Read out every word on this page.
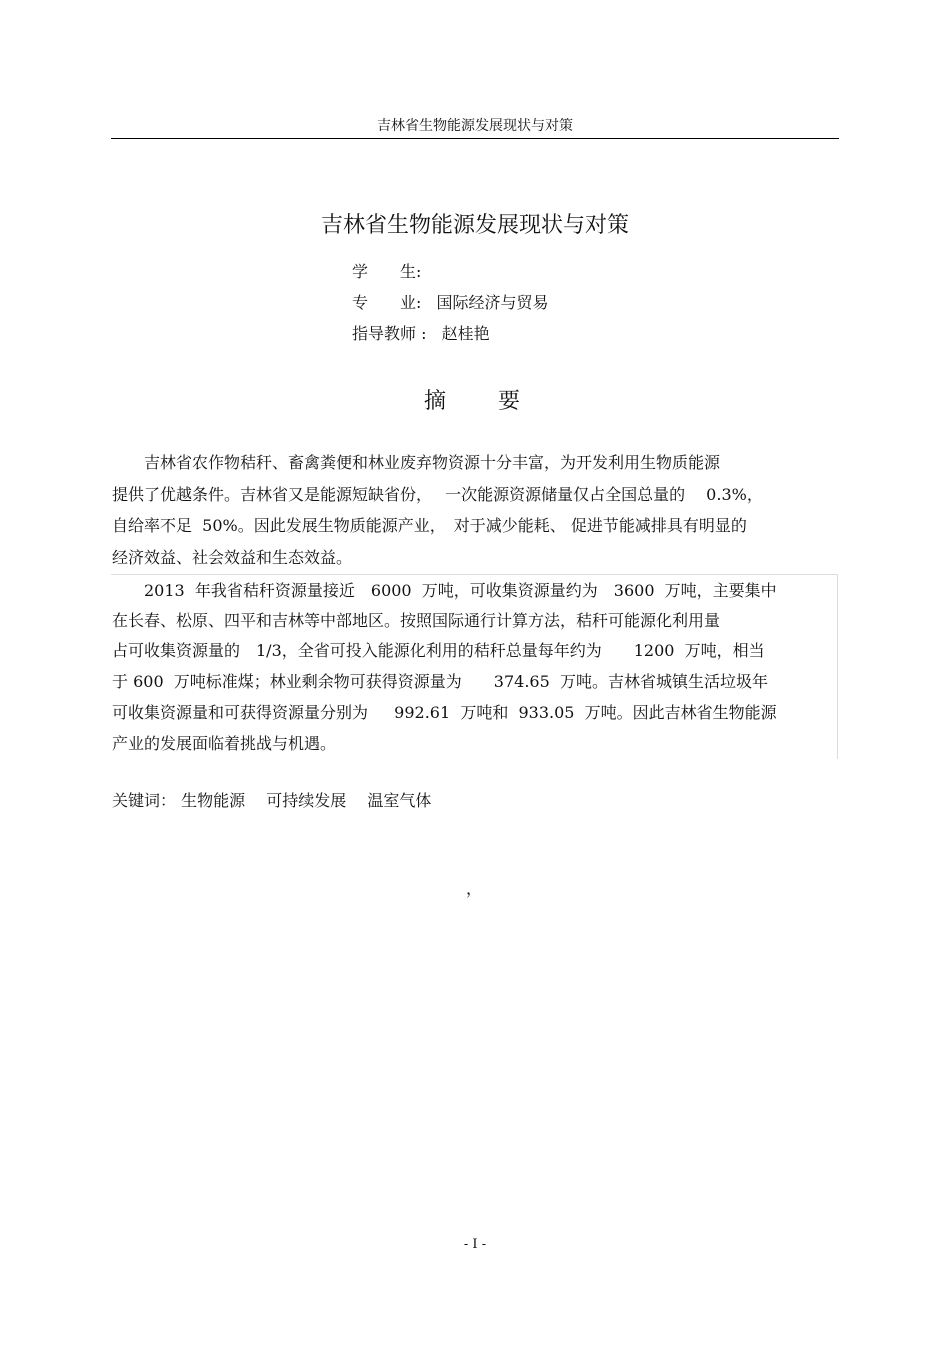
吉林省生物能源发展现状与对策
吉林省生物能源发展现状与对策
学　　生:
专　　业: 国际经济与贸易
指导教师 : 赵桂艳
摘要
　　吉林省农作物秸秆、畜禽粪便和林业废弃物资源十分丰富，为开发利用生物质能源
提供了优越条件。吉林省又是能源短缺省份，　 一次能源资源储量仅占全国总量的　 0.3%，
自给率不足  50%。因此发展生物质能源产业，　对于减少能耗、 促进节能减排具有明显的
经济效益、社会效益和生态效益。
　　2013  年我省秸秆资源量接近　6000  万吨，可收集资源量约为　3600  万吨，主要集中
在长春、松原、四平和吉林等中部地区。按照国际通行计算方法，秸秆可能源化利用量
占可收集资源量的　1/3，全省可投入能源化利用的秸秆总量每年约为　　1200  万吨，相当
于 600  万吨标准煤；林业剩余物可获得资源量为　　374.65  万吨。吉林省城镇生活垃圾年
可收集资源量和可获得资源量分别为　  992.61  万吨和  933.05  万吨。因此吉林省生物能源
产业的发展面临着挑战与机遇。
关键词： 生物能源 可持续发展 温室气体
，
- I -
